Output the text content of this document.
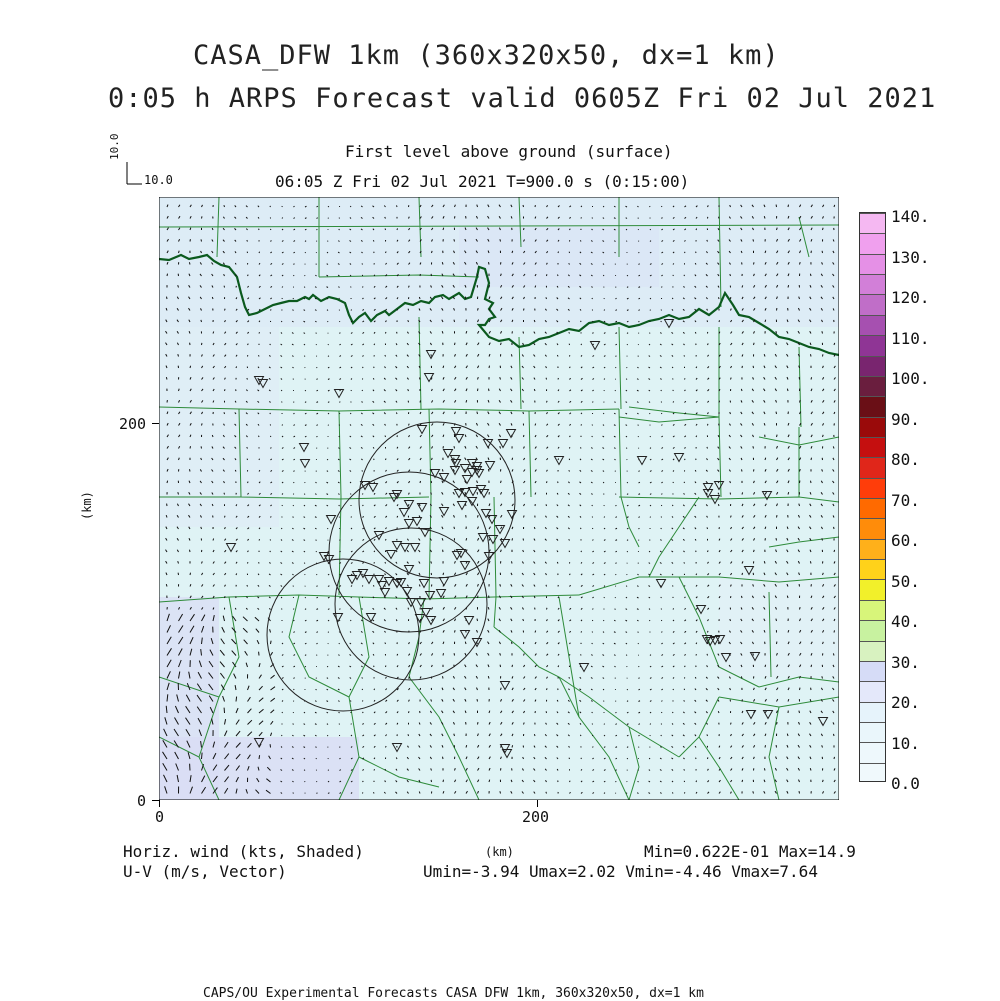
CASA_DFW 1km (360x320x50, dx=1 km)
0:05 h ARPS Forecast valid 0605Z Fri 02 Jul 2021
First level above ground (surface)
06:05 Z Fri 02 Jul 2021 T=900.0 s (0:15:00)
10.0
10.0
0
200
0	200
(km)
(km)
140.
130.
120.
110.
100.
90.
80.
70.
60.
50.
40.
30.
20.
10.
0.0
Horiz. wind (kts, Shaded)
U-V (m/s, Vector)
Min=0.622E-01 Max=14.9
Umin=-3.94 Umax=2.02 Vmin=-4.46 Vmax=7.64
CAPS/OU Experimental Forecasts CASA DFW 1km, 360x320x50, dx=1 km
